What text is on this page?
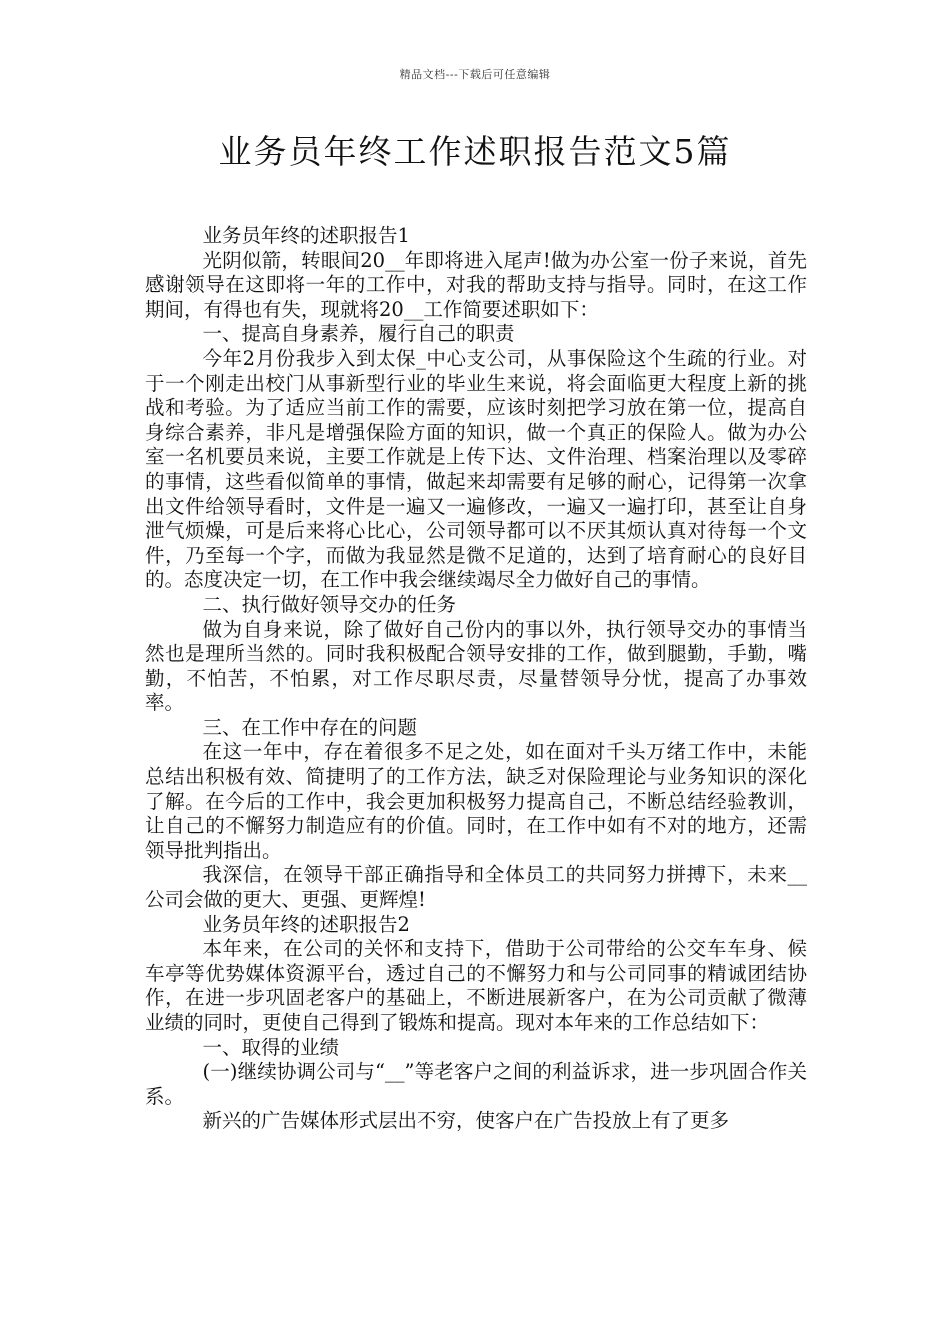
精品文档---下载后可任意编辑
业务员年终工作述职报告范文5篇

业务员年终的述职报告1

光阴似箭，转眼间20__年即将进入尾声!做为办公室一份子来说，首先感谢领导在这即将一年的工作中，对我的帮助支持与指导。同时，在这工作期间，有得也有失，现就将20__工作简要述职如下：

一、提高自身素养，履行自己的职责

今年2月份我步入到太保_中心支公司，从事保险这个生疏的行业。对于一个刚走出校门从事新型行业的毕业生来说，将会面临更大程度上新的挑战和考验。为了适应当前工作的需要，应该时刻把学习放在第一位，提高自身综合素养，非凡是增强保险方面的知识，做一个真正的保险人。做为办公室一名机要员来说，主要工作就是上传下达、文件治理、档案治理以及零碎的事情，这些看似简单的事情，做起来却需要有足够的耐心，记得第一次拿出文件给领导看时，文件是一遍又一遍修改，一遍又一遍打印，甚至让自身泄气烦燥，可是后来将心比心，公司领导都可以不厌其烦认真对待每一个文件，乃至每一个字，而做为我显然是微不足道的，达到了培育耐心的良好目的。态度决定一切，在工作中我会继续竭尽全力做好自己的事情。

二、执行做好领导交办的任务

做为自身来说，除了做好自己份内的事以外，执行领导交办的事情当然也是理所当然的。同时我积极配合领导安排的工作，做到腿勤，手勤，嘴勤，不怕苦，不怕累，对工作尽职尽责，尽量替领导分忧，提高了办事效率。

三、在工作中存在的问题

在这一年中，存在着很多不足之处，如在面对千头万绪工作中，未能总结出积极有效、简捷明了的工作方法，缺乏对保险理论与业务知识的深化了解。在今后的工作中，我会更加积极努力提高自己，不断总结经验教训，让自己的不懈努力制造应有的价值。同时，在工作中如有不对的地方，还需领导批判指出。

我深信，在领导干部正确指导和全体员工的共同努力拼搏下，未来__公司会做的更大、更强、更辉煌!

业务员年终的述职报告2

本年来，在公司的关怀和支持下，借助于公司带给的公交车车身、候车亭等优势媒体资源平台，透过自己的不懈努力和与公司同事的精诚团结协作，在进一步巩固老客户的基础上，不断进展新客户，在为公司贡献了微薄业绩的同时，更使自己得到了锻炼和提高。现对本年来的工作总结如下：

一、取得的业绩

(一)继续协调公司与“__”等老客户之间的利益诉求，进一步巩固合作关系。

新兴的广告媒体形式层出不穷，使客户在广告投放上有了更多
